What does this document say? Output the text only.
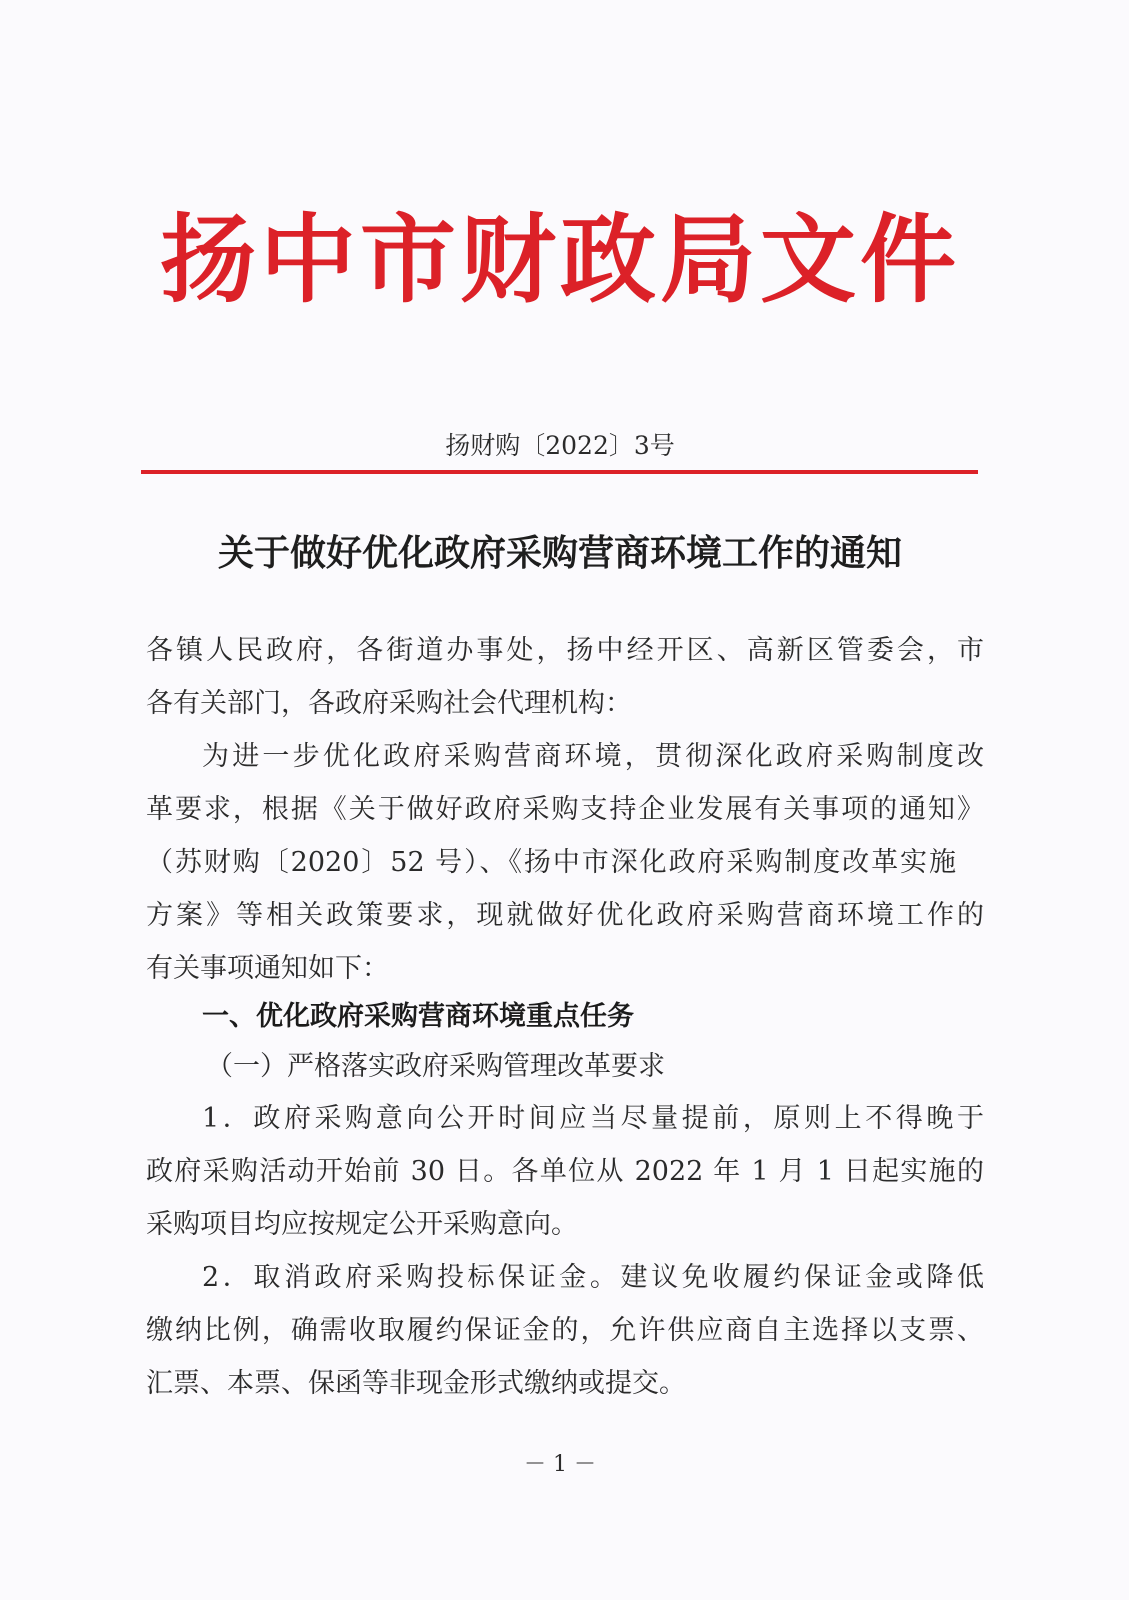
扬中市财政局文件
扬财购〔2022〕3号
关于做好优化政府采购营商环境工作的通知
各镇人民政府，各街道办事处，扬中经开区、高新区管委会，市
各有关部门，各政府采购社会代理机构：
为进一步优化政府采购营商环境，贯彻深化政府采购制度改
革要求，根据《关于做好政府采购支持企业发展有关事项的通知》
（苏财购〔2020〕52 号）、《扬中市深化政府采购制度改革实施
方案》等相关政策要求，现就做好优化政府采购营商环境工作的
有关事项通知如下：
一、优化政府采购营商环境重点任务
（一）严格落实政府采购管理改革要求
1．政府采购意向公开时间应当尽量提前，原则上不得晚于
政府采购活动开始前 30 日。各单位从 2022 年 1 月 1 日起实施的
采购项目均应按规定公开采购意向。
2．取消政府采购投标保证金。建议免收履约保证金或降低
缴纳比例，确需收取履约保证金的，允许供应商自主选择以支票、
汇票、本票、保函等非现金形式缴纳或提交。
－ 1 －
